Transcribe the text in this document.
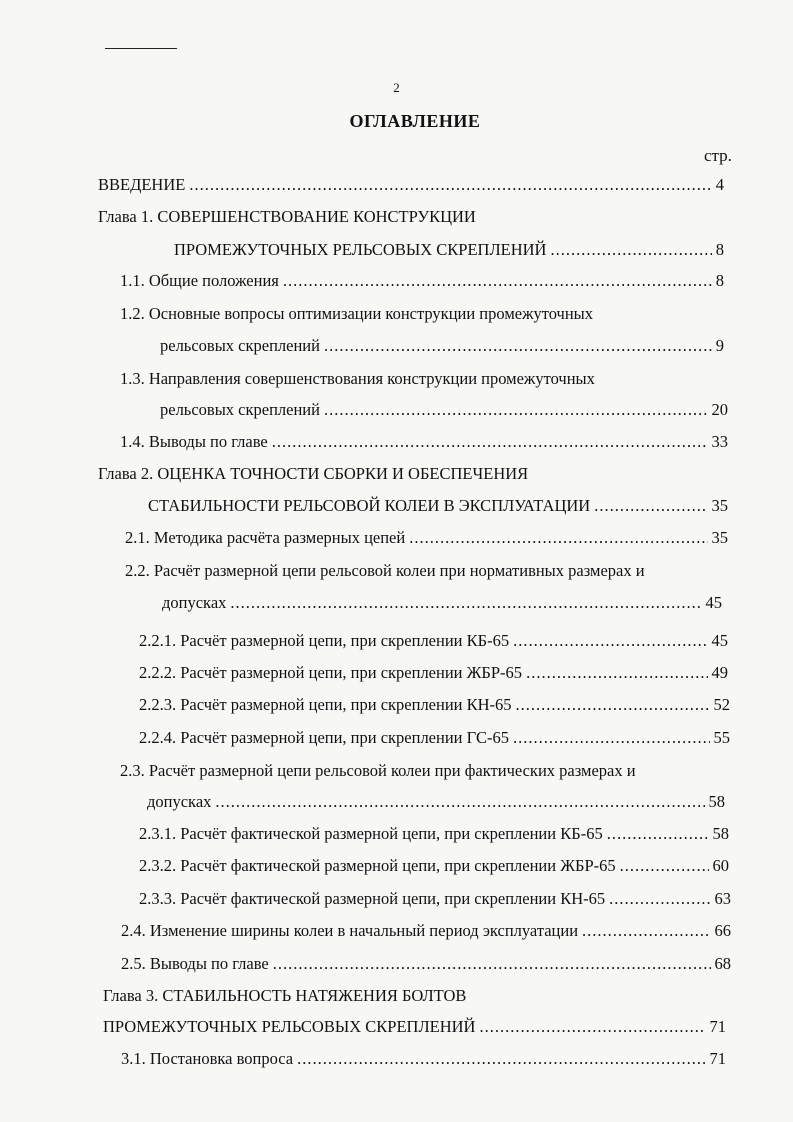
2
ОГЛАВЛЕНИЕ
стр.
ВВЕДЕНИЕ .....	4
Глава 1. СОВЕРШЕНСТВОВАНИЕ КОНСТРУКЦИИ
ПРОМЕЖУТОЧНЫХ РЕЛЬСОВЫХ СКРЕПЛЕНИЙ .....	8
1.1. Общие положения .....	8
1.2. Основные вопросы оптимизации конструкции промежуточных
рельсовых скреплений .....	9
1.3. Направления совершенствования конструкции промежуточных
рельсовых скреплений .....	20
1.4. Выводы по главе .....	33
Глава 2. ОЦЕНКА ТОЧНОСТИ СБОРКИ И ОБЕСПЕЧЕНИЯ
СТАБИЛЬНОСТИ РЕЛЬСОВОЙ КОЛЕИ В ЭКСПЛУАТАЦИИ .....	35
2.1. Методика расчёта размерных цепей .....	35
2.2. Расчёт размерной цепи рельсовой колеи при нормативных размерах и
допусках .....	45
2.2.1. Расчёт размерной цепи, при скреплении КБ-65 .....	45
2.2.2. Расчёт размерной цепи, при скреплении ЖБР-65 .....	49
2.2.3. Расчёт размерной цепи, при скреплении КН-65 .....	52
2.2.4. Расчёт размерной цепи, при скреплении ГС-65 .....	55
2.3. Расчёт размерной цепи рельсовой колеи при фактических размерах и
допусках .....	58
2.3.1. Расчёт фактической размерной цепи, при скреплении КБ-65 .....	58
2.3.2. Расчёт фактической размерной цепи, при скреплении ЖБР-65 .....	60
2.3.3. Расчёт фактической размерной цепи, при скреплении КН-65 .....	63
2.4. Изменение ширины колеи в начальный период эксплуатации .....	66
2.5. Выводы по главе .....	68
Глава 3. СТАБИЛЬНОСТЬ НАТЯЖЕНИЯ БОЛТОВ
ПРОМЕЖУТОЧНЫХ РЕЛЬСОВЫХ СКРЕПЛЕНИЙ .....	71
3.1. Постановка вопроса .....	71
